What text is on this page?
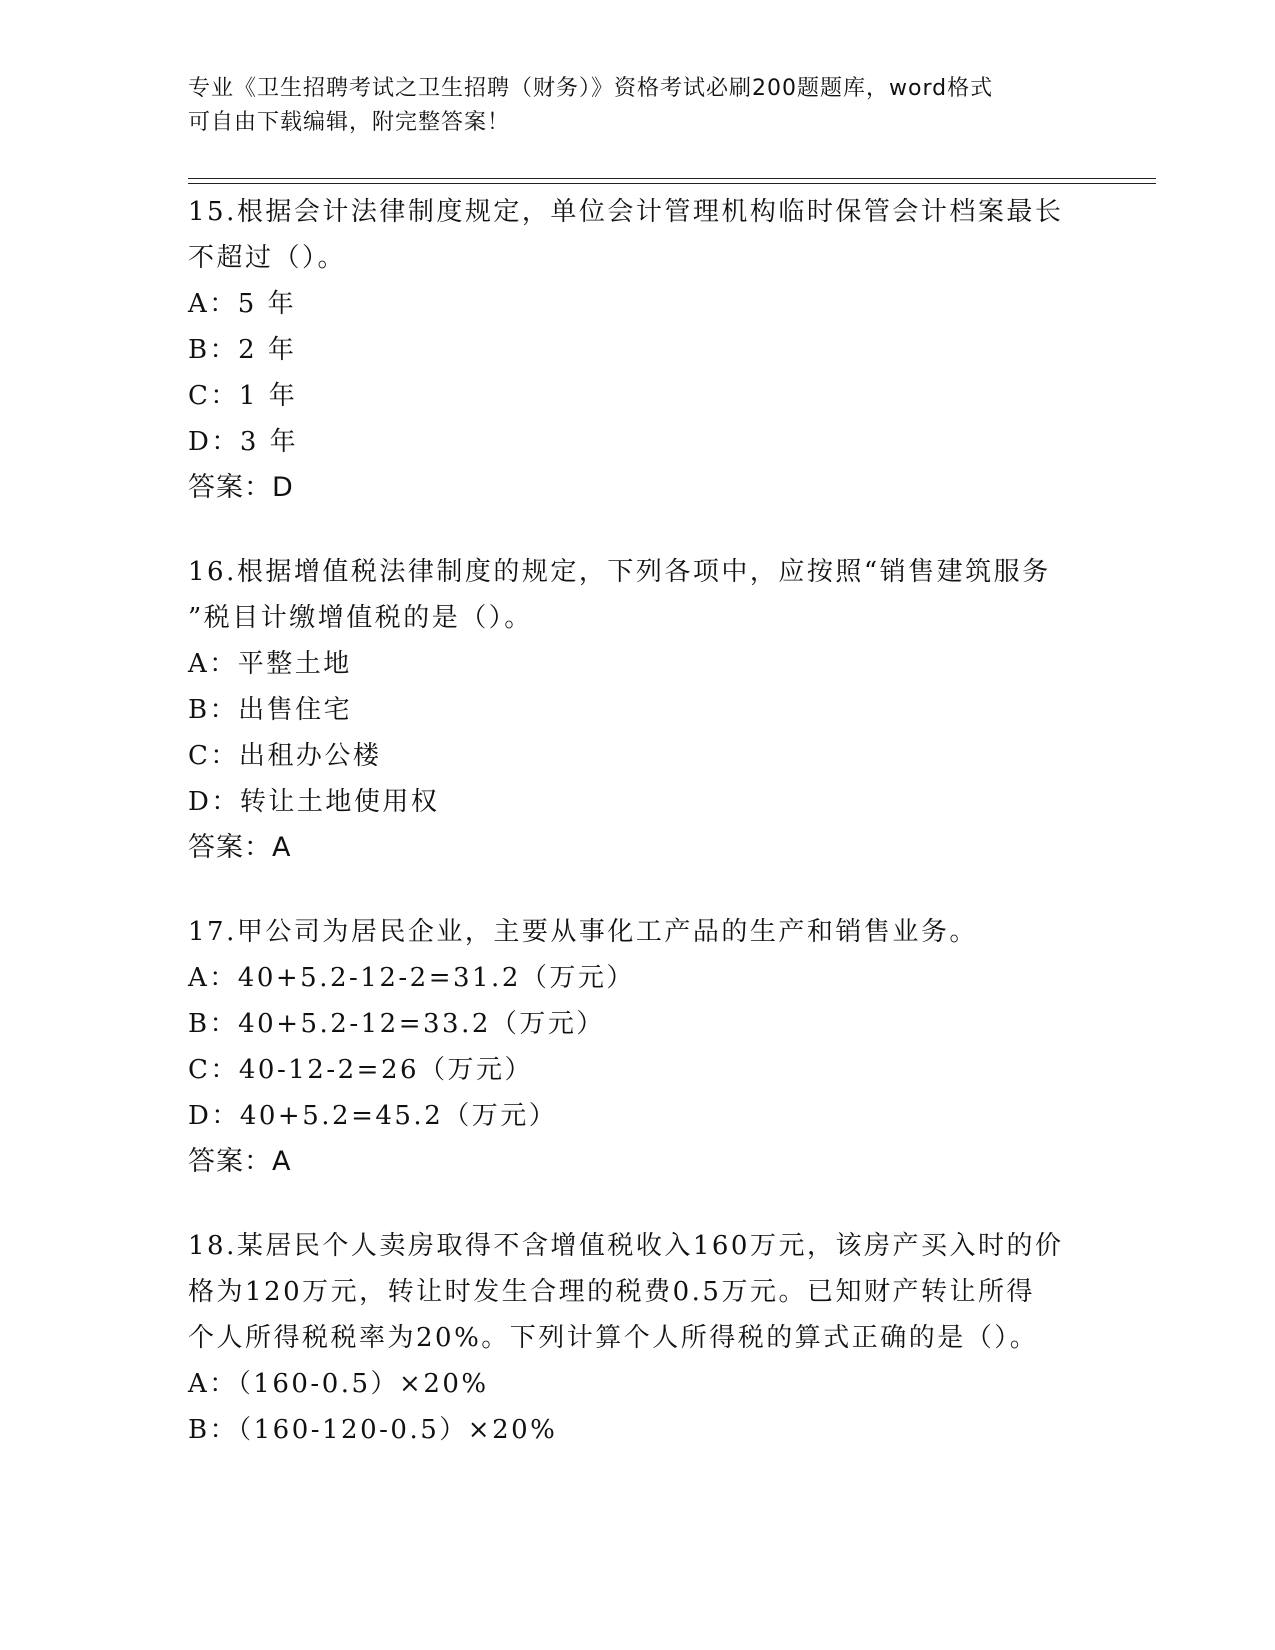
专业《卫生招聘考试之卫生招聘（财务）》资格考试必刷200题题库，word格式
可自由下载编辑，附完整答案！
15.根据会计法律制度规定，单位会计管理机构临时保管会计档案最长
不超过（）。
A：5 年
B：2 年
C：1 年
D：3 年
答案：D
16.根据增值税法律制度的规定，下列各项中，应按照“销售建筑服务
”税目计缴增值税的是（）。
A：平整土地
B：出售住宅
C：出租办公楼
D：转让土地使用权
答案：A
17.甲公司为居民企业，主要从事化工产品的生产和销售业务。
A：40+5.2-12-2=31.2（万元）
B：40+5.2-12=33.2（万元）
C：40-12-2=26（万元）
D：40+5.2=45.2（万元）
答案：A
18.某居民个人卖房取得不含增值税收入160万元，该房产买入时的价
格为120万元，转让时发生合理的税费0.5万元。已知财产转让所得
个人所得税税率为20%。下列计算个人所得税的算式正确的是（）。
A：（160-0.5）×20%
B：（160-120-0.5）×20%
